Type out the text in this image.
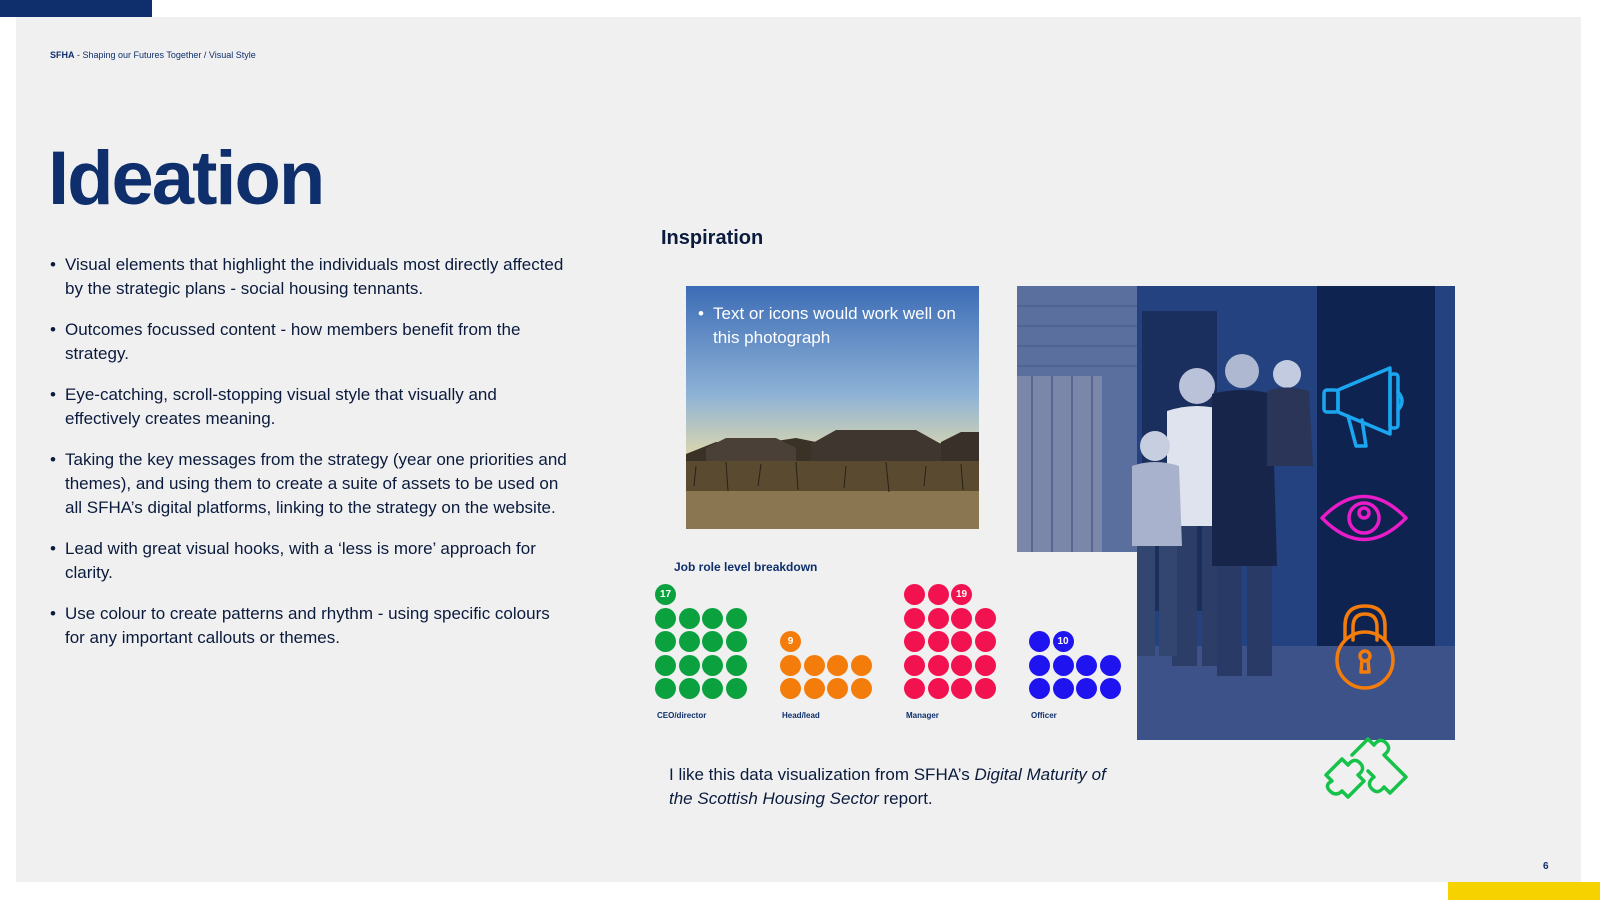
SFHA - Shaping our Futures Together / Visual Style
Ideation
• Visual elements that highlight the individuals most directly affected by the strategic plans - social housing tennants.
• Outcomes focussed content - how members benefit from the strategy.
• Eye-catching, scroll-stopping visual style that visually and effectively creates meaning.
• Taking the key messages from the strategy (year one priorities and themes), and using them to create a suite of assets to be used on all SFHA’s digital platforms, linking to the strategy on the website.
• Lead with great visual hooks, with a ‘less is more’ approach for clarity.
• Use colour to create patterns and rhythm - using specific colours for any important callouts or themes.
Inspiration
• Text or icons would work well on this photograph
Job role level breakdown
17
CEO/director
9
Head/lead
19
Manager
10
Officer
I like this data visualization from SFHA’s Digital Maturity of the Scottish Housing Sector report.
6
